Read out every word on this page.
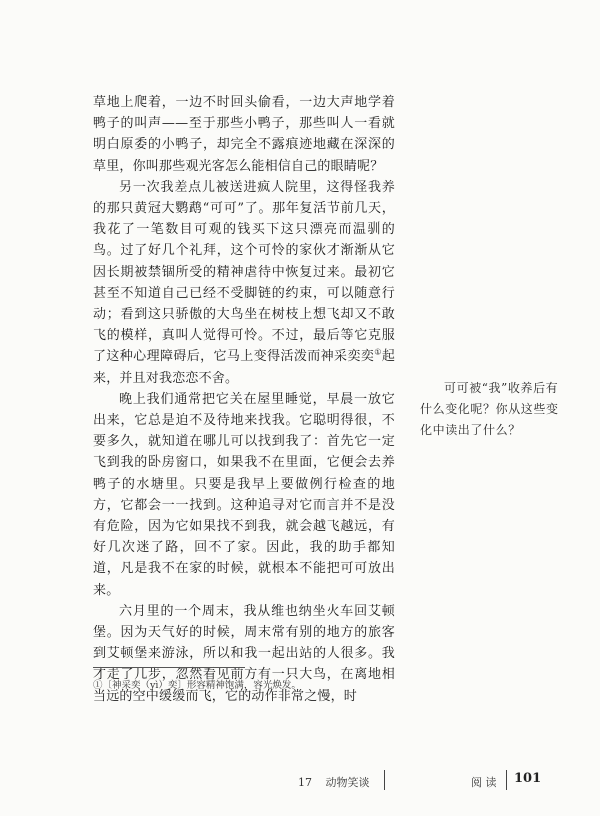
草地上爬着，一边不时回头偷看，一边大声地学着鸭子的叫声——至于那些小鸭子，那些叫人一看就明白原委的小鸭子，却完全不露痕迹地藏在深深的草里，你叫那些观光客怎么能相信自己的眼睛呢？

另一次我差点儿被送进疯人院里，这得怪我养的那只黄冠大鹦鹉“可可”了。那年复活节前几天，我花了一笔数目可观的钱买下这只漂亮而温驯的鸟。过了好几个礼拜，这个可怜的家伙才渐渐从它因长期被禁锢所受的精神虐待中恢复过来。最初它甚至不知道自己已经不受脚链的约束，可以随意行动；看到这只骄傲的大鸟坐在树枝上想飞却又不敢飞的模样，真叫人觉得可怜。不过，最后等它克服了这种心理障碍后，它马上变得活泼而神采奕奕①起来，并且对我恋恋不舍。

晚上我们通常把它关在屋里睡觉，早晨一放它出来，它总是迫不及待地来找我。它聪明得很，不要多久，就知道在哪儿可以找到我了：首先它一定飞到我的卧房窗口，如果我不在里面，它便会去养鸭子的水塘里。只要是我早上要做例行检查的地方，它都会一一找到。这种追寻对它而言并不是没有危险，因为它如果找不到我，就会越飞越远，有好几次迷了路，回不了家。因此，我的助手都知道，凡是我不在家的时候，就根本不能把可可放出来。

六月里的一个周末，我从维也纳坐火车回艾顿堡。因为天气好的时候，周末常有别的地方的旅客到艾顿堡来游泳，所以和我一起出站的人很多。我才走了几步，忽然看见前方有一只大鸟，在离地相当远的空中缓缓而飞，它的动作非常之慢，时

可可被“我”收养后有什么变化呢？你从这些变化中读出了什么？
①〔神采奕（yì）奕〕形容精神饱满，容光焕发。
17 动物笑谈	阅 读 101
